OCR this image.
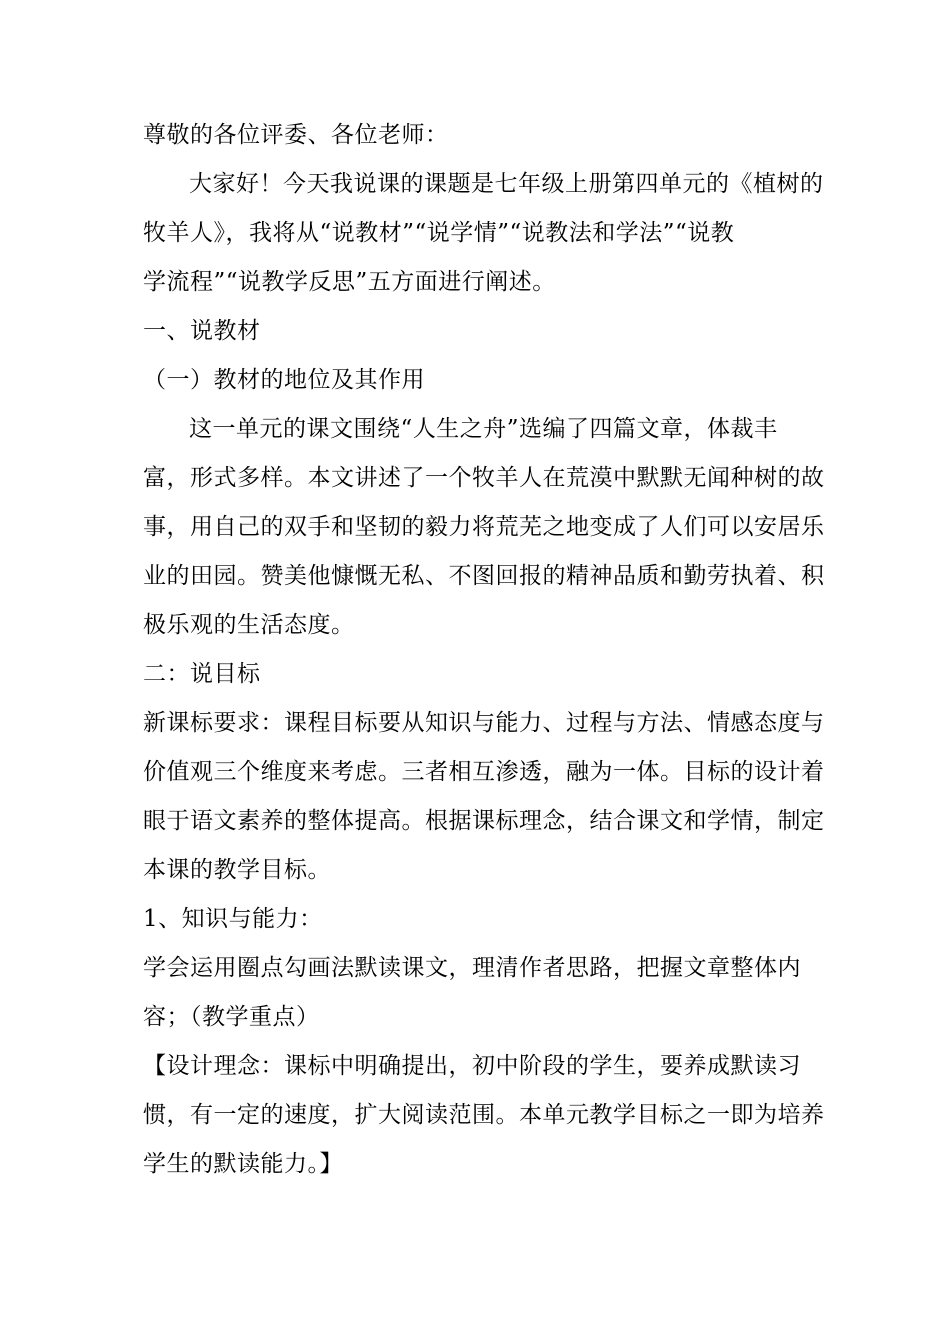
尊敬的各位评委、各位老师：
大家好！今天我说课的课题是七年级上册第四单元的《植树的
牧羊人》，我将从“说教材”“说学情”“说教法和学法”“说教
学流程”“说教学反思”五方面进行阐述。
一、说教材
（一）教材的地位及其作用
这一单元的课文围绕“人生之舟”选编了四篇文章，体裁丰
富，形式多样。本文讲述了一个牧羊人在荒漠中默默无闻种树的故
事，用自己的双手和坚韧的毅力将荒芜之地变成了人们可以安居乐
业的田园。赞美他慷慨无私、不图回报的精神品质和勤劳执着、积
极乐观的生活态度。
二：说目标
新课标要求：课程目标要从知识与能力、过程与方法、情感态度与
价值观三个维度来考虑。三者相互渗透，融为一体。目标的设计着
眼于语文素养的整体提高。根据课标理念，结合课文和学情，制定
本课的教学目标。
1、知识与能力：
学会运用圈点勾画法默读课文，理清作者思路，把握文章整体内
容；（教学重点）
【设计理念：课标中明确提出，初中阶段的学生，要养成默读习
惯，有一定的速度，扩大阅读范围。本单元教学目标之一即为培养
学生的默读能力。】
